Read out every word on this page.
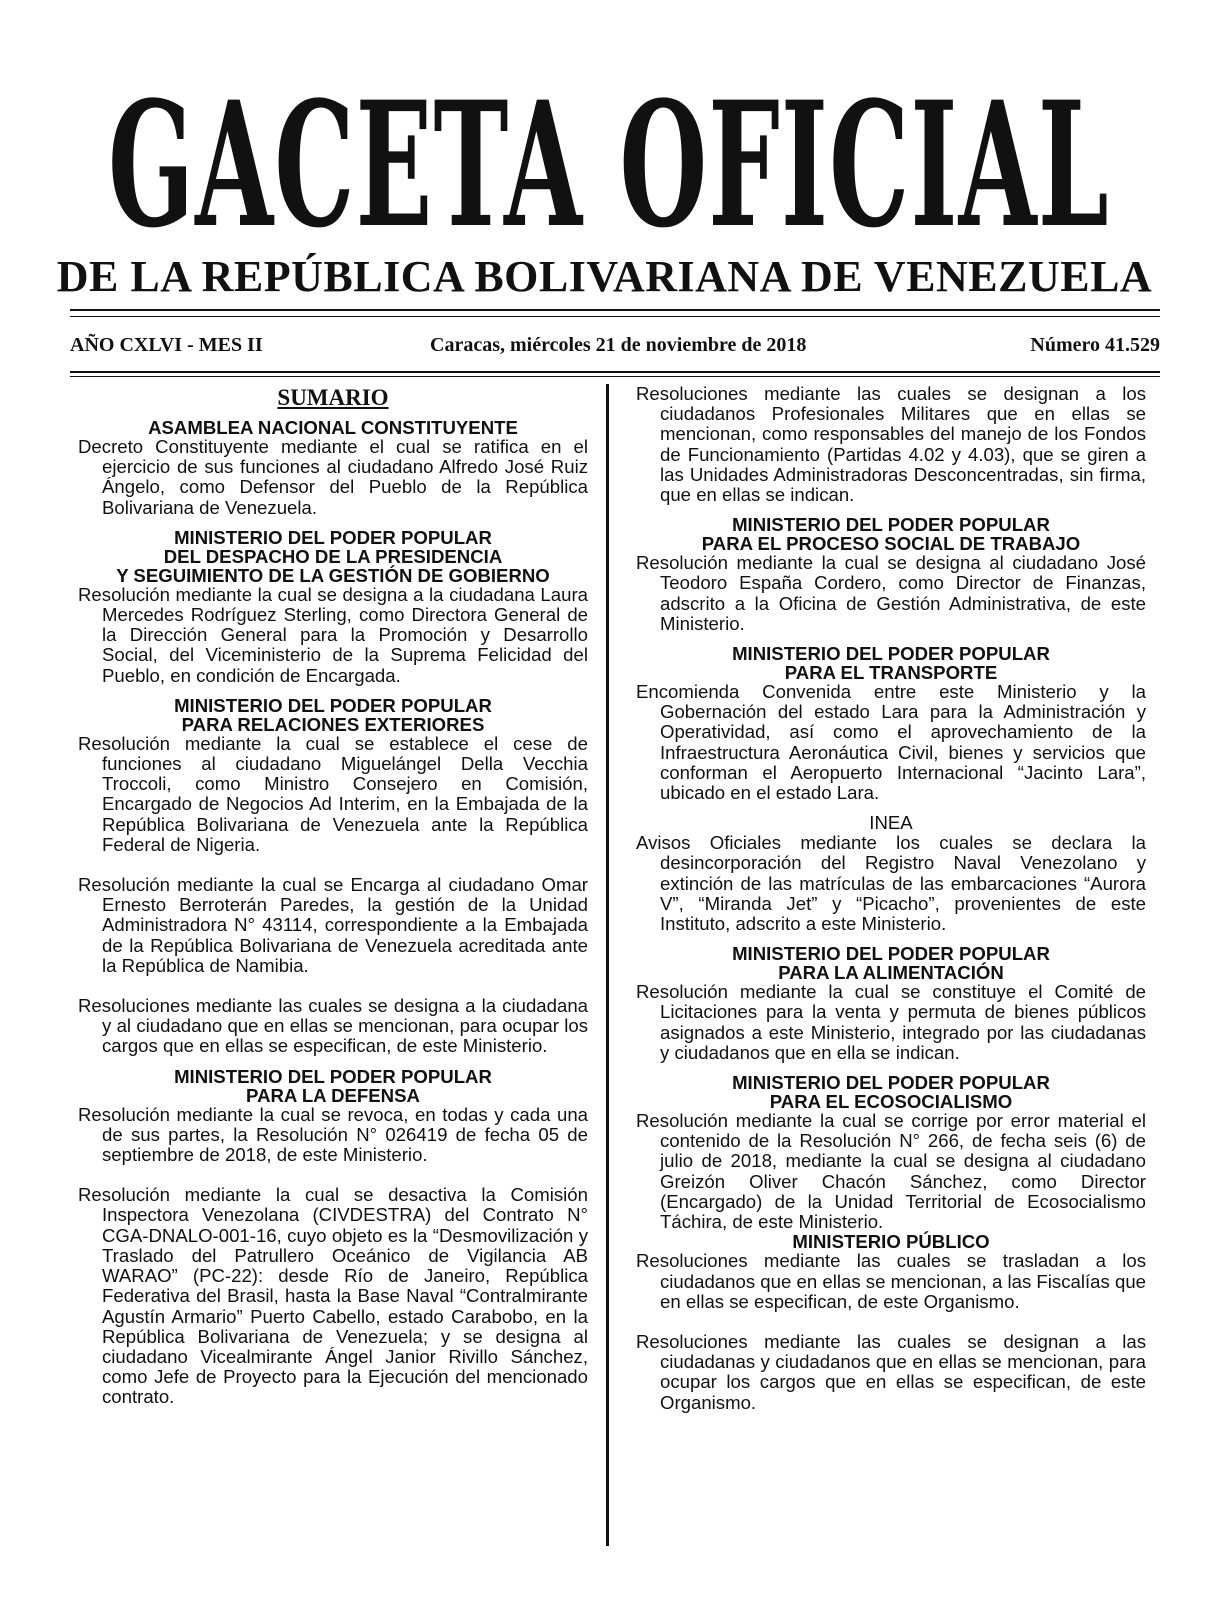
GACETA OFICIAL
DE LA REPÚBLICA BOLIVARIANA DE VENEZUELA
AÑO CXLVI - MES II	Caracas, miércoles 21 de noviembre de 2018	Número 41.529
SUMARIO

ASAMBLEA NACIONAL CONSTITUYENTE

Decreto Constituyente mediante el cual se ratifica en el ejercicio de sus funciones al ciudadano Alfredo José Ruiz Ángelo, como Defensor del Pueblo de la República Bolivariana de Venezuela.

MINISTERIO DEL PODER POPULAR

DEL DESPACHO DE LA PRESIDENCIA

Y SEGUIMIENTO DE LA GESTIÓN DE GOBIERNO

Resolución mediante la cual se designa a la ciudadana Laura Mercedes Rodríguez Sterling, como Directora General de la Dirección General para la Promoción y Desarrollo Social, del Viceministerio de la Suprema Felicidad del Pueblo, en condición de Encargada.

MINISTERIO DEL PODER POPULAR

PARA RELACIONES EXTERIORES

Resolución mediante la cual se establece el cese de funciones al ciudadano Miguelángel Della Vecchia Troccoli, como Ministro Consejero en Comisión, Encargado de Negocios Ad Interim, en la Embajada de la República Bolivariana de Venezuela ante la República Federal de Nigeria.

Resolución mediante la cual se Encarga al ciudadano Omar Ernesto Berroterán Paredes, la gestión de la Unidad Administradora N° 43114, correspondiente a la Embajada de la República Bolivariana de Venezuela acreditada ante la República de Namibia.

Resoluciones mediante las cuales se designa a la ciudadana y al ciudadano que en ellas se mencionan, para ocupar los cargos que en ellas se especifican, de este Ministerio.

MINISTERIO DEL PODER POPULAR

PARA LA DEFENSA

Resolución mediante la cual se revoca, en todas y cada una de sus partes, la Resolución N° 026419 de fecha 05 de septiembre de 2018, de este Ministerio.

Resolución mediante la cual se desactiva la Comisión Inspectora Venezolana (CIVDESTRA) del Contrato N° CGA-DNALO-001-16, cuyo objeto es la “Desmovilización y Traslado del Patrullero Oceánico de Vigilancia AB WARAO” (PC-22): desde Río de Janeiro, República Federativa del Brasil, hasta la Base Naval “Contralmirante Agustín Armario” Puerto Cabello, estado Carabobo, en la República Bolivariana de Venezuela; y se designa al ciudadano Vicealmirante Ángel Janior Rivillo Sánchez, como Jefe de Proyecto para la Ejecución del mencionado contrato.

Resoluciones mediante las cuales se designan a los ciudadanos Profesionales Militares que en ellas se mencionan, como responsables del manejo de los Fondos de Funcionamiento (Partidas 4.02 y 4.03), que se giren a las Unidades Administradoras Desconcentradas, sin firma, que en ellas se indican.

MINISTERIO DEL PODER POPULAR

PARA EL PROCESO SOCIAL DE TRABAJO

Resolución mediante la cual se designa al ciudadano José Teodoro España Cordero, como Director de Finanzas, adscrito a la Oficina de Gestión Administrativa, de este Ministerio.

MINISTERIO DEL PODER POPULAR

PARA EL TRANSPORTE

Encomienda Convenida entre este Ministerio y la Gobernación del estado Lara para la Administración y Operatividad, así como el aprovechamiento de la Infraestructura Aeronáutica Civil, bienes y servicios que conforman el Aeropuerto Internacional “Jacinto Lara”, ubicado en el estado Lara.

INEA

Avisos Oficiales mediante los cuales se declara la desincorporación del Registro Naval Venezolano y extinción de las matrículas de las embarcaciones “Aurora V”, “Miranda Jet” y “Picacho”, provenientes de este Instituto, adscrito a este Ministerio.

MINISTERIO DEL PODER POPULAR

PARA LA ALIMENTACIÓN

Resolución mediante la cual se constituye el Comité de Licitaciones para la venta y permuta de bienes públicos asignados a este Ministerio, integrado por las ciudadanas y ciudadanos que en ella se indican.

MINISTERIO DEL PODER POPULAR

PARA EL ECOSOCIALISMO

Resolución mediante la cual se corrige por error material el contenido de la Resolución N° 266, de fecha seis (6) de julio de 2018, mediante la cual se designa al ciudadano Greizón Oliver Chacón Sánchez, como Director (Encargado) de la Unidad Territorial de Ecosocialismo Táchira, de este Ministerio.

MINISTERIO PÚBLICO

Resoluciones mediante las cuales se trasladan a los ciudadanos que en ellas se mencionan, a las Fiscalías que en ellas se especifican, de este Organismo.

Resoluciones mediante las cuales se designan a las ciudadanas y ciudadanos que en ellas se mencionan, para ocupar los cargos que en ellas se especifican, de este Organismo.
